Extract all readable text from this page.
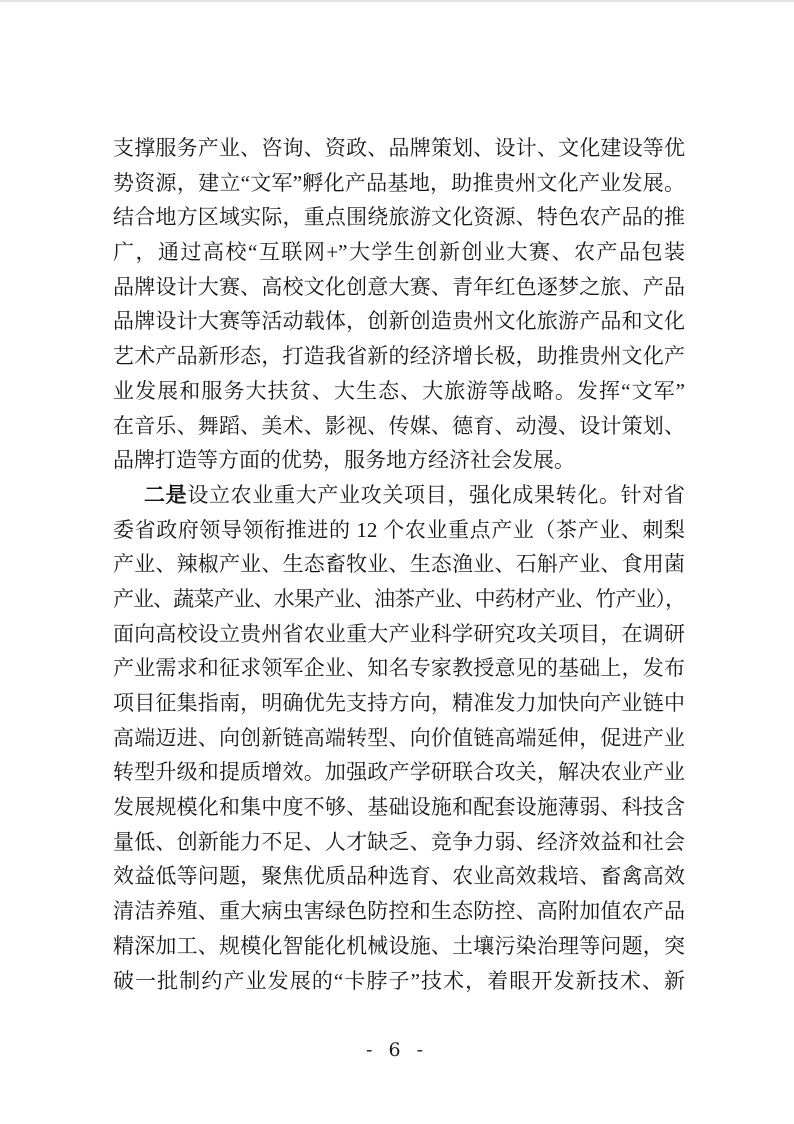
支撑服务产业、咨询、资政、品牌策划、设计、文化建设等优
势资源，建立“文军”孵化产品基地，助推贵州文化产业发展。
结合地方区域实际，重点围绕旅游文化资源、特色农产品的推
广，通过高校“互联网+”大学生创新创业大赛、农产品包装
品牌设计大赛、高校文化创意大赛、青年红色逐梦之旅、产品
品牌设计大赛等活动载体，创新创造贵州文化旅游产品和文化
艺术产品新形态，打造我省新的经济增长极，助推贵州文化产
业发展和服务大扶贫、大生态、大旅游等战略。发挥“文军”
在音乐、舞蹈、美术、影视、传媒、德育、动漫、设计策划、
品牌打造等方面的优势，服务地方经济社会发展。
二是设立农业重大产业攻关项目，强化成果转化。针对省
委省政府领导领衔推进的 12 个农业重点产业（茶产业、刺梨
产业、辣椒产业、生态畜牧业、生态渔业、石斛产业、食用菌
产业、蔬菜产业、水果产业、油茶产业、中药材产业、竹产业），
面向高校设立贵州省农业重大产业科学研究攻关项目，在调研
产业需求和征求领军企业、知名专家教授意见的基础上，发布
项目征集指南，明确优先支持方向，精准发力加快向产业链中
高端迈进、向创新链高端转型、向价值链高端延伸，促进产业
转型升级和提质增效。加强政产学研联合攻关，解决农业产业
发展规模化和集中度不够、基础设施和配套设施薄弱、科技含
量低、创新能力不足、人才缺乏、竞争力弱、经济效益和社会
效益低等问题，聚焦优质品种选育、农业高效栽培、畜禽高效
清洁养殖、重大病虫害绿色防控和生态防控、高附加值农产品
精深加工、规模化智能化机械设施、土壤污染治理等问题，突
破一批制约产业发展的“卡脖子”技术，着眼开发新技术、新
- 6 -
